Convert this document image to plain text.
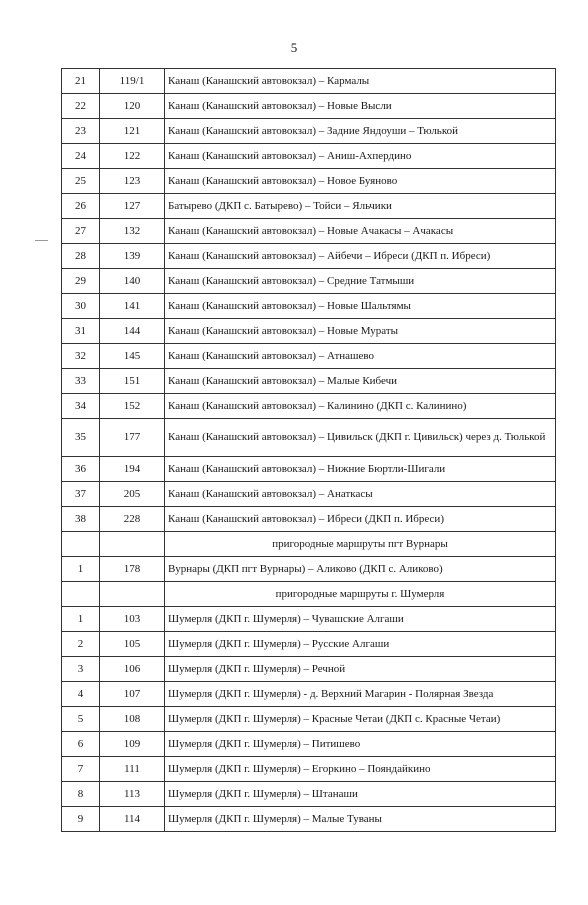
5
21	119/1	Канаш (Канашский автовокзал) – Кармалы
22	120	Канаш (Канашский автовокзал) – Новые Высли
23	121	Канаш (Канашский автовокзал) – Задние Яндоуши – Тюлькой
24	122	Канаш (Канашский автовокзал) – Аниш-Ахпердино
25	123	Канаш (Канашский автовокзал) – Новое Буяново
26	127	Батырево (ДКП с. Батырево) – Тойси – Яльчики
27	132	Канаш (Канашский автовокзал) – Новые Ачакасы – Ачакасы
28	139	Канаш (Канашский автовокзал) – Айбечи – Ибреси (ДКП п. Ибреси)
29	140	Канаш (Канашский автовокзал) – Средние Татмыши
30	141	Канаш (Канашский автовокзал) – Новые Шальтямы
31	144	Канаш (Канашский автовокзал) – Новые Мураты
32	145	Канаш (Канашский автовокзал) – Атнашево
33	151	Канаш (Канашский автовокзал) – Малые Кибечи
34	152	Канаш (Канашский автовокзал) – Калинино (ДКП с. Калинино)
35	177	Канаш (Канашский автовокзал) – Цивильск (ДКП г. Цивильск) через д. Тюлькой
36	194	Канаш (Канашский автовокзал) – Нижние Бюртли-Шигали
37	205	Канаш (Канашский автовокзал) – Анаткасы
38	228	Канаш (Канашский автовокзал) – Ибреси (ДКП п. Ибреси)
		пригородные маршруты пгт Вурнары
1	178	Вурнары (ДКП пгт Вурнары) – Аликово (ДКП с. Аликово)
		пригородные маршруты г. Шумерля
1	103	Шумерля (ДКП г. Шумерля) – Чувашские Алгаши
2	105	Шумерля (ДКП г. Шумерля) – Русские Алгаши
3	106	Шумерля (ДКП г. Шумерля) – Речной
4	107	Шумерля (ДКП г. Шумерля) - д. Верхний Магарин - Полярная Звезда
5	108	Шумерля (ДКП г. Шумерля) – Красные Четаи (ДКП с. Красные Четаи)
6	109	Шумерля (ДКП г. Шумерля) – Питишево
7	111	Шумерля (ДКП г. Шумерля) – Егоркино – Пояндайкино
8	113	Шумерля (ДКП г. Шумерля) – Штанаши
9	114	Шумерля (ДКП г. Шумерля) – Малые Туваны
